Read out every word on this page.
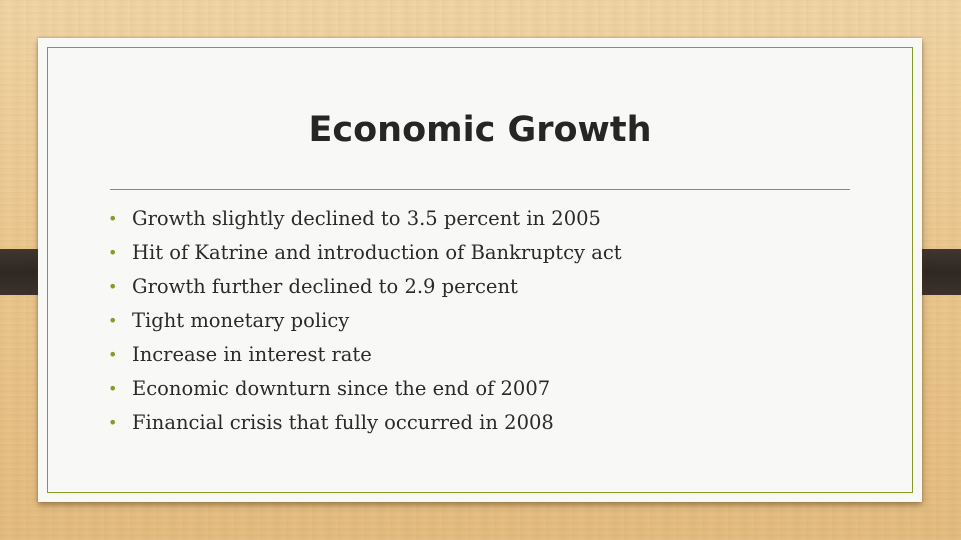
Economic Growth
• Growth slightly declined to 3.5 percent in 2005
• Hit of Katrine and introduction of Bankruptcy act
• Growth further declined to 2.9 percent
• Tight monetary policy
• Increase in interest rate
• Economic downturn since the end of 2007
• Financial crisis that fully occurred in 2008
